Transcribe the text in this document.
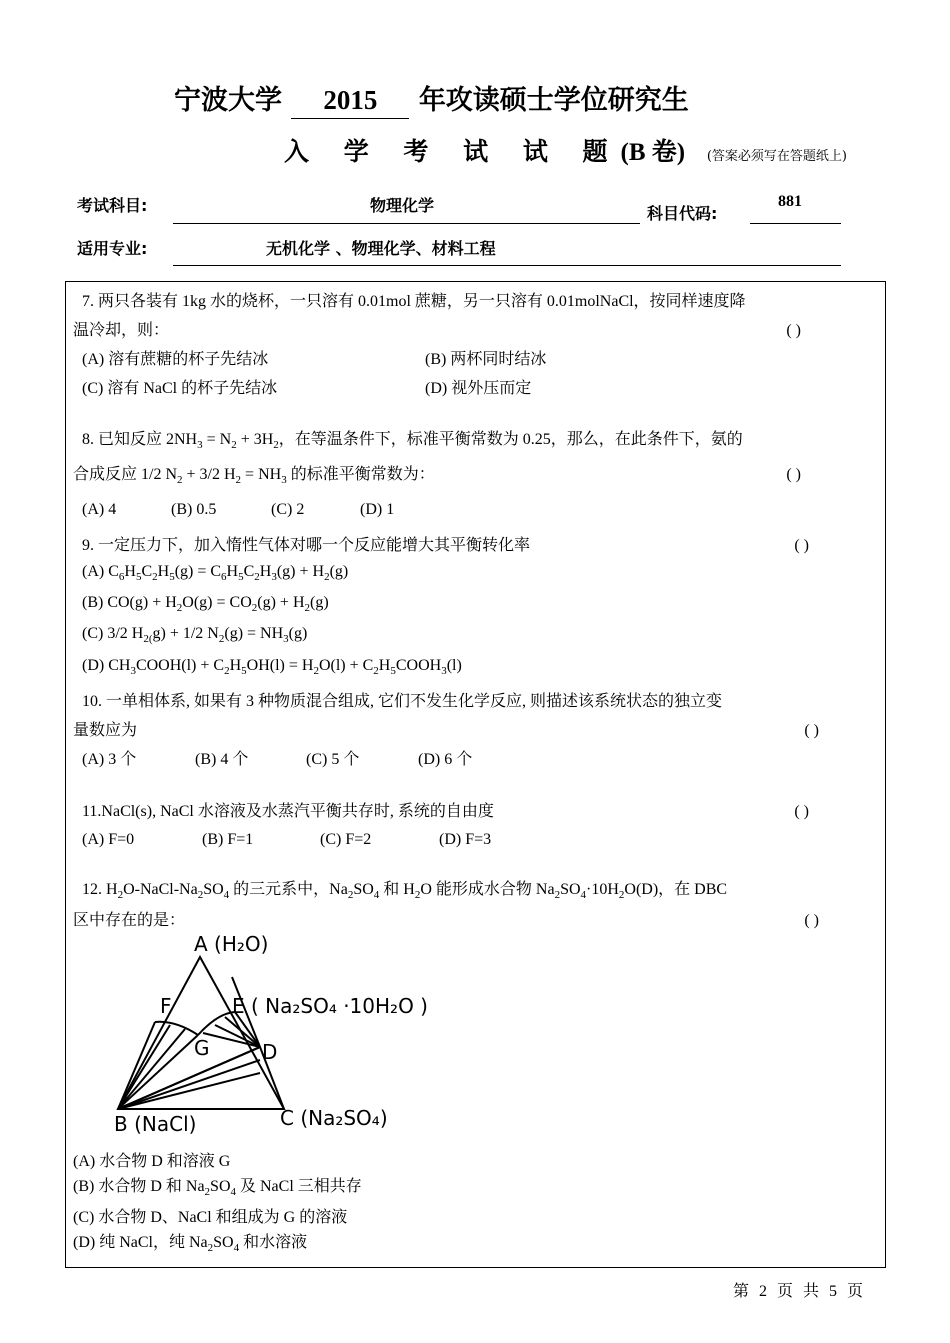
宁波大学 2015 年攻读硕士学位研究生
入 学 考 试 试 题(B 卷) (答案必须写在答题纸上)
考试科目:	物理化学	科目代码:
881
适用专业:	无机化学 、物理化学、材料工程
7. 两只各装有 1kg 水的烧杯，一只溶有 0.01mol 蔗糖，另一只溶有 0.01molNaCl，按同样速度降
温冷却，则：	( )
(A) 溶有蔗糖的杯子先结冰	(B) 两杯同时结冰
(C) 溶有 NaCl 的杯子先结冰	(D) 视外压而定
8. 已知反应 $2NH_3 = N_2 + 3H_2$，在等温条件下，标准平衡常数为 0.25，那么，在此条件下，氨的
合成反应 1/2 $N_2 + 3/2$ $H_2 = NH_3$ 的标准平衡常数为：	( )
(A) 4	(B) 0.5	(C) 2	(D) 1
9. 一定压力下，加入惰性气体对哪一个反应能增大其平衡转化率	( )
(A) $C_6H_5C_2H_5(g) = C_6H_5C_2H_3(g) + H_2(g)$
(B) $CO(g) + H_2O(g) = CO_2(g) + H_2(g)$
(C) 3/2 $H_{2(}g) + 1/2$ $N_2(g) = NH_3(g)$
(D) $CH_3COOH(l) + C_2H_5OH(l) = H_2O(l)$ + $C_2H_5COOH_3(l)$
10. 一单相体系, 如果有 3 种物质混合组成, 它们不发生化学反应, 则描述该系统状态的独立变
量数应为	( )
(A) 3 个	(B) 4 个	(C) 5 个	(D) 6 个
11.NaCl(s), NaCl 水溶液及水蒸汽平衡共存时, 系统的自由度	( )
(A) F=0	(B) F=1	(C) F=2	(D) F=3
12. $H_2O-NaCl-Na_2SO_4$ 的三元系中，$Na_2SO_4$ 和 $H_2O$ 能形成水合物 $Na_2SO_4\cdot 10H_2O(D)$，在 DBC
区中存在的是：	( )
A (H₂O)
F	E ( Na₂SO₄ ·10H₂O )
G	D
B (NaCl)	C (Na₂SO₄)
(A) 水合物 D 和溶液 G
(B) 水合物 D 和 $Na_2SO_4$ 及 NaCl 三相共存
(C) 水合物 D、NaCl 和组成为 G 的溶液
(D) 纯 NaCl，纯 $Na_2SO_4$ 和水溶液
第 2 页 共 5 页
